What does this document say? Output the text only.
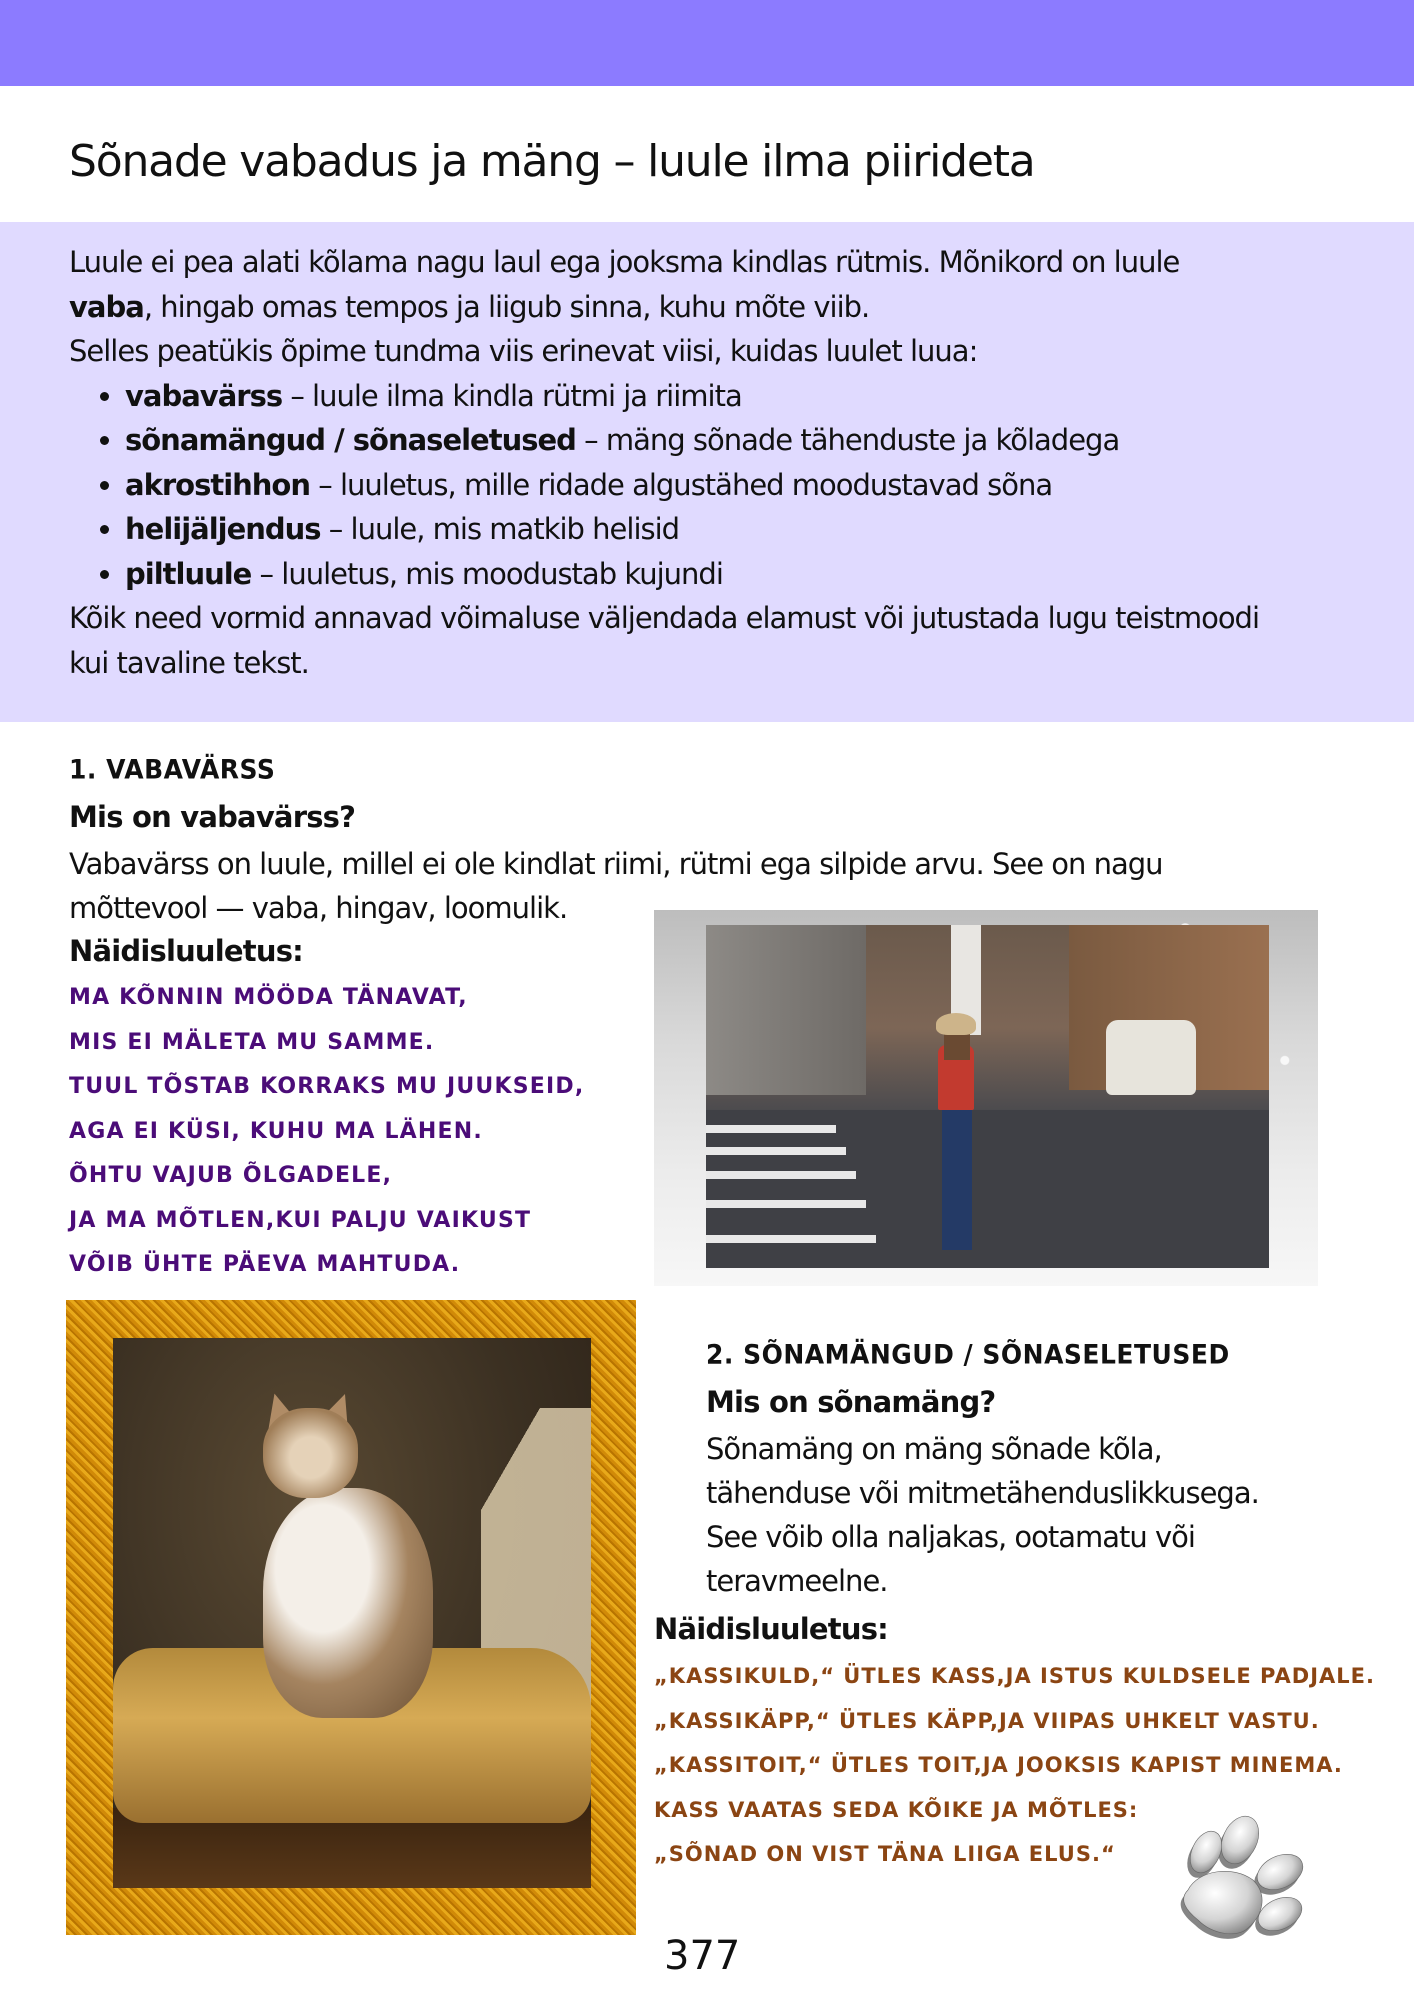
Sõnade vabadus ja mäng – luule ilma piirideta

Luule ei pea alati kõlama nagu laul ega jooksma kindlas rütmis. Mõnikord on luule

vaba, hingab omas tempos ja liigub sinna, kuhu mõte viib.

Selles peatükis õpime tundma viis erinevat viisi, kuidas luulet luua:

• vabavärss – luule ilma kindla rütmi ja riimita
• sõnamängud / sõnaseletused – mäng sõnade tähenduste ja kõladega
• akrostihhon – luuletus, mille ridade algustähed moodustavad sõna
• helijäljendus – luule, mis matkib helisid
• piltluule – luuletus, mis moodustab kujundi

Kõik need vormid annavad võimaluse väljendada elamust või jutustada lugu teistmoodi kui tavaline tekst.

1. VABAVÄRSS
Mis on vabavärss?

Vabavärss on luule, millel ei ole kindlat riimi, rütmi ega silpide arvu. See on nagu

mõttevool — vaba, hingav, loomulik.

Näidisluuletus:
MA KÕNNIN MÖÖDA TÄNAVAT,
MIS EI MÄLETA MU SAMME.
TUUL TÕSTAB KORRAKS MU JUUKSEID,
AGA EI KÜSI, KUHU MA LÄHEN.
ÕHTU VAJUB ÕLGADELE,
JA MA MÕTLEN,KUI PALJU VAIKUST
VÕIB ÜHTE PÄEVA MAHTUDA.
2. SÕNAMÄNGUD / SÕNASELETUSED
Mis on sõnamäng?

Sõnamäng on mäng sõnade kõla,

tähenduse või mitmetähenduslikkusega.

See võib olla naljakas, ootamatu või

teravmeelne.

Näidisluuletus:
„KASSIKULD,“ ÜTLES KASS,JA ISTUS KULDSELE PADJALE.
„KASSIKÄPP,“ ÜTLES KÄPP,JA VIIPAS UHKELT VASTU.
„KASSITOIT,“ ÜTLES TOIT,JA JOOKSIS KAPIST MINEMA.
KASS VAATAS SEDA KÕIKE JA MÕTLES:
„SÕNAD ON VIST TÄNA LIIGA ELUS.“

377
